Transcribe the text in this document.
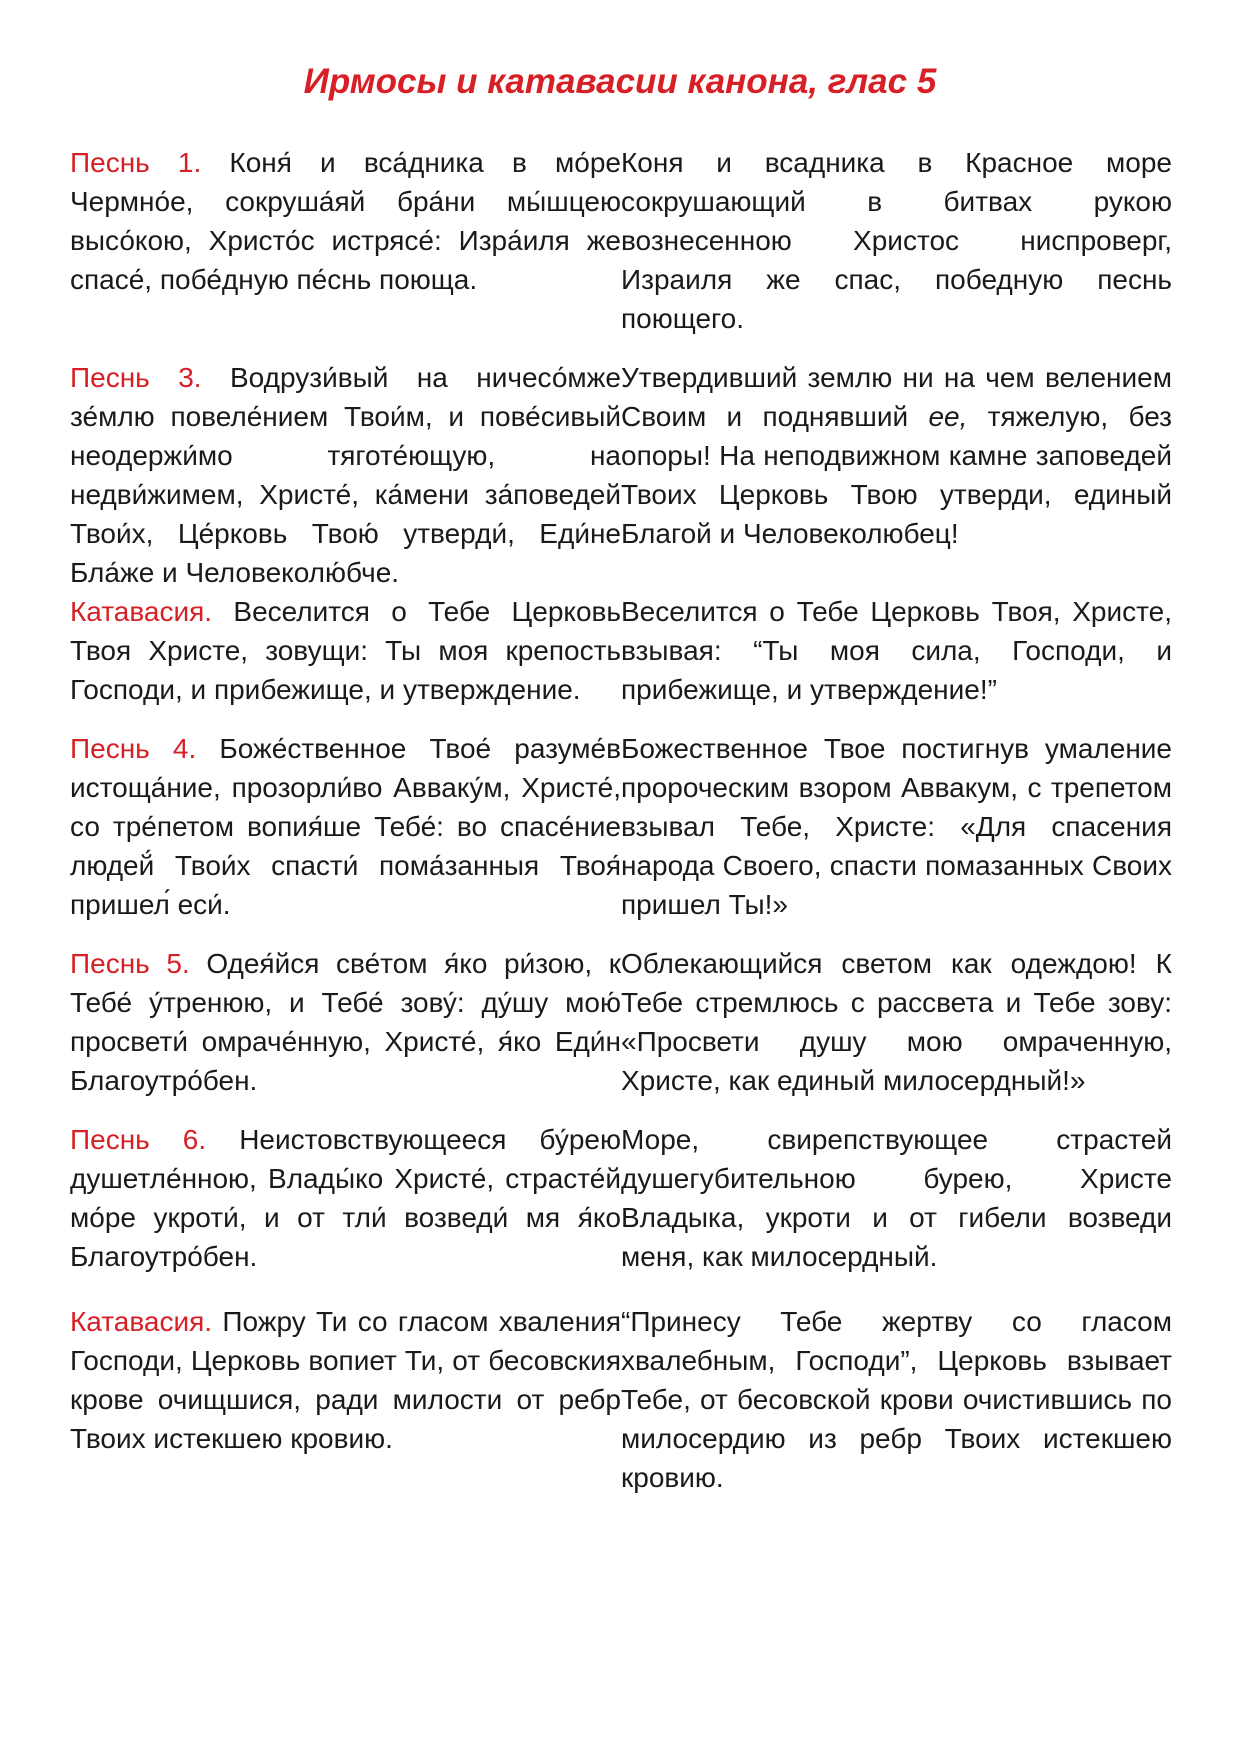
Ирмосы и катавасии канона, глас 5

Песнь 1. Коня́ и вса́дника в мо́ре Чермно́е, сокруша́яй бра́ни мы́шцею высо́кою, Христо́с истрясе́: Изра́иля же спасе́, побе́дную пе́снь поюща.

Коня и всадника в Красное море сокрушающий в битвах рукою вознесенною Христос ниспроверг, Израиля же спас, победную песнь поющего.

Песнь 3. Водрузи́вый на ничесо́мже зе́млю повеле́нием Твои́м, и пове́сивый неодержи́мо тяготе́ющую, на недви́жимем, Христе́, ка́мени за́поведей Твои́х, Це́рковь Твою́ утверди́, Еди́не Бла́же и Человеколю́бче.

Утвердивший землю ни на чем велением Своим и поднявший ее, тяжелую, без опоры! На неподвижном камне заповедей Твоих Церковь Твою утверди, единый Благой и Человеколюбец!

Катавасия. Веселится о Тебе Церковь Твоя Христе, зовущи: Ты моя крепость Господи, и прибежище, и утверждение.

Веселится о Тебе Церковь Твоя, Христе, взывая: “Ты моя сила, Господи, и прибежище, и утверждение!”

Песнь 4. Боже́ственное Твое́ разуме́в истоща́ние, прозорли́во Авваку́м, Христе́, со тре́петом вопия́ше Тебе́: во спасе́ние людей́ Твои́х спасти́ пома́занныя Твоя́ пришел́ еси́.

Божественное Твое постигнув умаление пророческим взором Аввакум, с трепетом взывал Тебе, Христе: «Для спасения народа Своего, спасти помазанных Своих пришел Ты!»

Песнь 5. Одея́йся све́том я́ко ри́зою, к Тебе́ у́тренюю, и Тебе́ зову́: ду́шу мою́ просвети́ омраче́нную, Христе́, я́ко Еди́н Благоутро́бен.

Облекающийся светом как одеждою! К Тебе стремлюсь с рассвета и Тебе зову: «Просвети душу мою омраченную, Христе, как единый милосердный!»

Песнь 6. Неистовствующееся бу́рею душетле́нною, Влады́ко Христе́, страсте́й мо́ре укроти́, и от тли́ возведи́ мя я́ко Благоутро́бен.

Море, свирепствующее страстей душегубительною бурею, Христе Владыка, укроти и от гибели возведи меня, как милосердный.

Катавасия. Пожру Ти со гласом хваления Господи, Церковь вопиет Ти, от бесовския крове очищшися, ради милости от ребр Твоих истекшею кровию.

“Принесу Тебе жертву со гласом хвалебным, Господи”, Церковь взывает Тебе, от бесовской крови очистившись по милосердию из ребр Твоих истекшею кровию.
